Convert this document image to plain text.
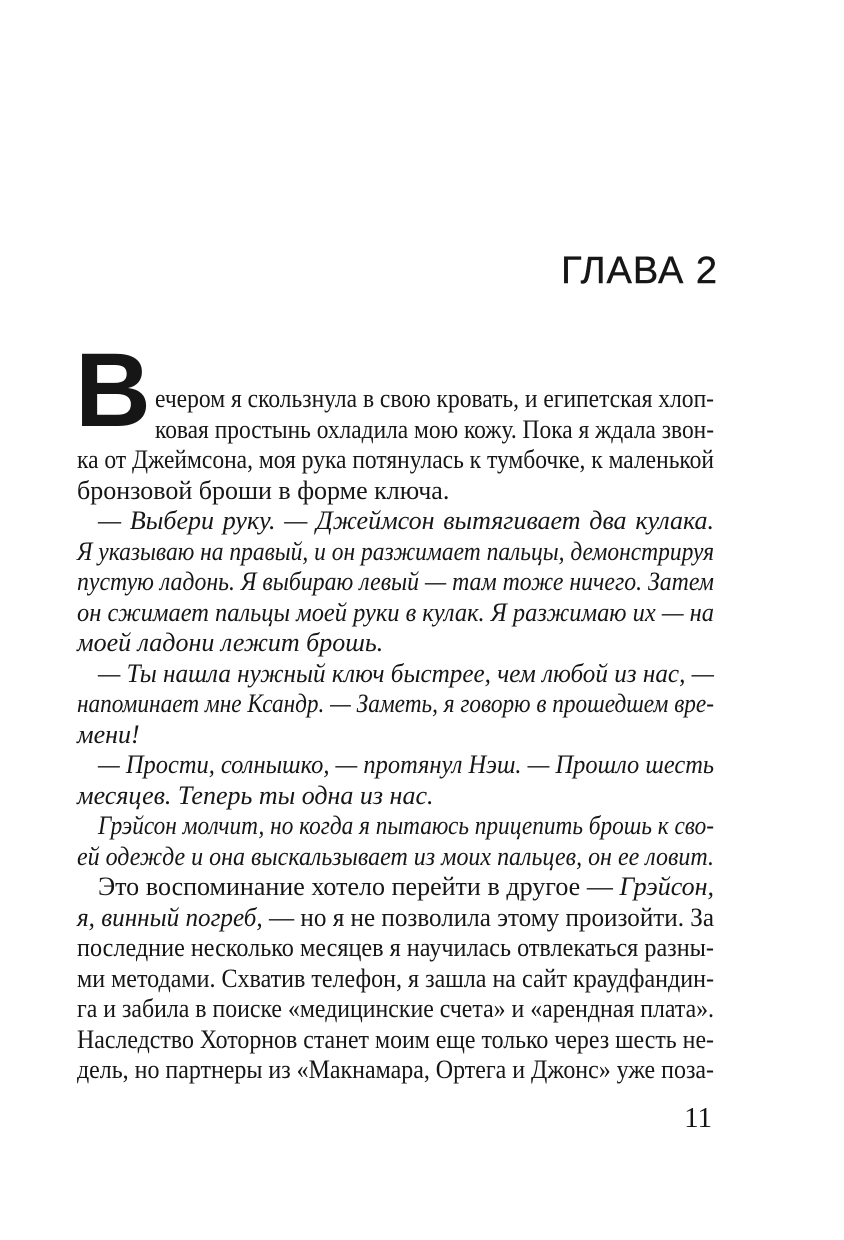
ГЛАВА 2
В ечером я скользнула в свою кровать, и египетская хлоп-
ковая простынь охладила мою кожу. Пока я ждала звон-
ка от Джеймсона, моя рука потянулась к тумбочке, к маленькой
бронзовой броши в форме ключа.
— Выбери руку. — Джеймсон вытягивает два кулака.
Я указываю на правый, и он разжимает пальцы, демонстрируя
пустую ладонь. Я выбираю левый — там тоже ничего. Затем
он сжимает пальцы моей руки в кулак. Я разжимаю их — на
моей ладони лежит брошь.
— Ты нашла нужный ключ быстрее, чем любой из нас, —
напоминает мне Ксандр. — Заметь, я говорю в прошедшем вре-
мени!
— Прости, солнышко, — протянул Нэш. — Прошло шесть
месяцев. Теперь ты одна из нас.
Грэйсон молчит, но когда я пытаюсь прицепить брошь к сво-
ей одежде и она выскальзывает из моих пальцев, он ее ловит.
Это воспоминание хотело перейти в другое — Грэйсон,
я, винный погреб, — но я не позволила этому произойти. За
последние несколько месяцев я научилась отвлекаться разны-
ми методами. Схватив телефон, я зашла на сайт краудфандин-
га и забила в поиске «медицинские счета» и «арендная плата».
Наследство Хоторнов станет моим еще только через шесть не-
дель, но партнеры из «Макнамара, Ортега и Джонс» уже поза-
11
